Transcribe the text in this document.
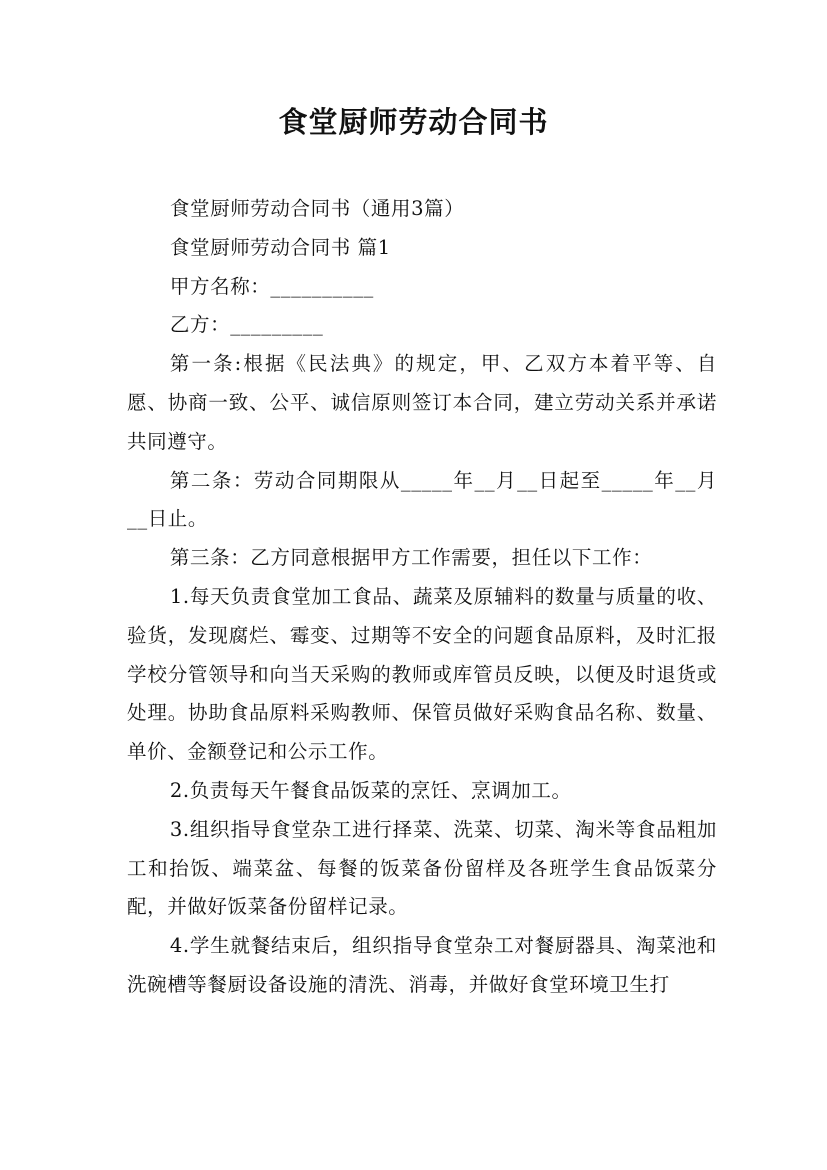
食堂厨师劳动合同书

食堂厨师劳动合同书（通用3篇）

食堂厨师劳动合同书 篇1

甲方名称：__________

乙方：_________

第一条:根据《民法典》的规定，甲、乙双方本着平等、自愿、协商一致、公平、诚信原则签订本合同，建立劳动关系并承诺共同遵守。

第二条：劳动合同期限从_____年__月__日起至_____年__月__日止。

第三条：乙方同意根据甲方工作需要，担任以下工作：

1.每天负责食堂加工食品、蔬菜及原辅料的数量与质量的收、验货，发现腐烂、霉变、过期等不安全的问题食品原料，及时汇报学校分管领导和向当天采购的教师或库管员反映，以便及时退货或处理。协助食品原料采购教师、保管员做好采购食品名称、数量、单价、金额登记和公示工作。

2.负责每天午餐食品饭菜的烹饪、烹调加工。

3.组织指导食堂杂工进行择菜、洗菜、切菜、淘米等食品粗加工和抬饭、端菜盆、每餐的饭菜备份留样及各班学生食品饭菜分配，并做好饭菜备份留样记录。

4.学生就餐结束后，组织指导食堂杂工对餐厨器具、淘菜池和洗碗槽等餐厨设备设施的清洗、消毒，并做好食堂环境卫生打
